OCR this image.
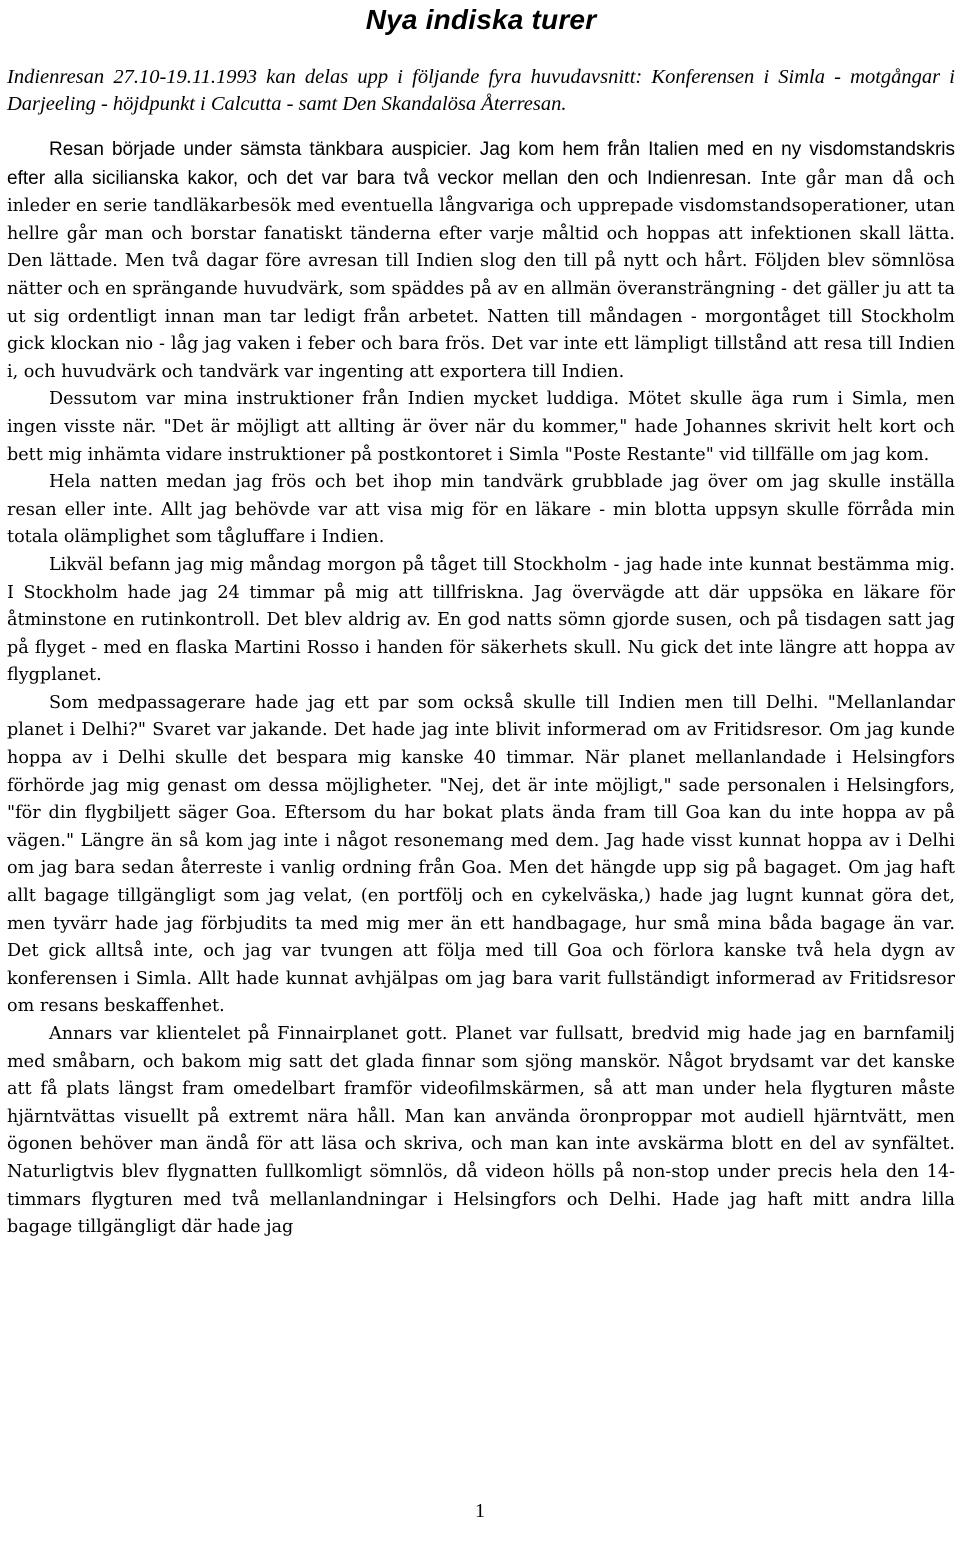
Nya indiska turer

Indienresan 27.10-19.11.1993 kan delas upp i följande fyra huvudavsnitt: Konferensen i Simla - motgångar i Darjeeling - höjdpunkt i Calcutta - samt Den Skandalösa Återresan.

Resan började under sämsta tänkbara auspicier. Jag kom hem från Italien med en ny visdomstandskris efter alla sicilianska kakor, och det var bara två veckor mellan den och Indienresan. Inte går man då och inleder en serie tandläkarbesök med eventuella långvariga och upprepade visdomstandsoperationer, utan hellre går man och borstar fanatiskt tänderna efter varje måltid och hoppas att infektionen skall lätta. Den lättade. Men två dagar före avresan till Indien slog den till på nytt och hårt. Följden blev sömnlösa nätter och en sprängande huvudvärk, som späddes på av en allmän överansträngning - det gäller ju att ta ut sig ordentligt innan man tar ledigt från arbetet. Natten till måndagen - morgontåget till Stockholm gick klockan nio - låg jag vaken i feber och bara frös. Det var inte ett lämpligt tillstånd att resa till Indien i, och huvudvärk och tandvärk var ingenting att exportera till Indien.

Dessutom var mina instruktioner från Indien mycket luddiga. Mötet skulle äga rum i Simla, men ingen visste när. "Det är möjligt att allting är över när du kommer," hade Johannes skrivit helt kort och bett mig inhämta vidare instruktioner på postkontoret i Simla "Poste Restante" vid tillfälle om jag kom.

Hela natten medan jag frös och bet ihop min tandvärk grubblade jag över om jag skulle inställa resan eller inte. Allt jag behövde var att visa mig för en läkare - min blotta uppsyn skulle förråda min totala olämplighet som tågluffare i Indien.

Likväl befann jag mig måndag morgon på tåget till Stockholm - jag hade inte kunnat bestämma mig. I Stockholm hade jag 24 timmar på mig att tillfriskna. Jag övervägde att där uppsöka en läkare för åtminstone en rutinkontroll. Det blev aldrig av. En god natts sömn gjorde susen, och på tisdagen satt jag på flyget - med en flaska Martini Rosso i handen för säkerhets skull. Nu gick det inte längre att hoppa av flygplanet.

Som medpassagerare hade jag ett par som också skulle till Indien men till Delhi. "Mellanlandar planet i Delhi?" Svaret var jakande. Det hade jag inte blivit informerad om av Fritidsresor. Om jag kunde hoppa av i Delhi skulle det bespara mig kanske 40 timmar. När planet mellanlandade i Helsingfors förhörde jag mig genast om dessa möjligheter. "Nej, det är inte möjligt," sade personalen i Helsingfors, "för din flygbiljett säger Goa. Eftersom du har bokat plats ända fram till Goa kan du inte hoppa av på vägen." Längre än så kom jag inte i något resonemang med dem. Jag hade visst kunnat hoppa av i Delhi om jag bara sedan återreste i vanlig ordning från Goa. Men det hängde upp sig på bagaget. Om jag haft allt bagage tillgängligt som jag velat, (en portfölj och en cykelväska,) hade jag lugnt kunnat göra det, men tyvärr hade jag förbjudits ta med mig mer än ett handbagage, hur små mina båda bagage än var. Det gick alltså inte, och jag var tvungen att följa med till Goa och förlora kanske två hela dygn av konferensen i Simla. Allt hade kunnat avhjälpas om jag bara varit fullständigt informerad av Fritidsresor om resans beskaffenhet.

Annars var klientelet på Finnairplanet gott. Planet var fullsatt, bredvid mig hade jag en barnfamilj med småbarn, och bakom mig satt det glada finnar som sjöng manskör. Något brydsamt var det kanske att få plats längst fram omedelbart framför videofilmskärmen, så att man under hela flygturen måste hjärntvättas visuellt på extremt nära håll. Man kan använda öronproppar mot audiell hjärntvätt, men ögonen behöver man ändå för att läsa och skriva, och man kan inte avskärma blott en del av synfältet. Naturligtvis blev flygnatten fullkomligt sömnlös, då videon hölls på non-stop under precis hela den 14-timmars flygturen med två mellanlandningar i Helsingfors och Delhi. Hade jag haft mitt andra lilla bagage tillgängligt där hade jag

1
